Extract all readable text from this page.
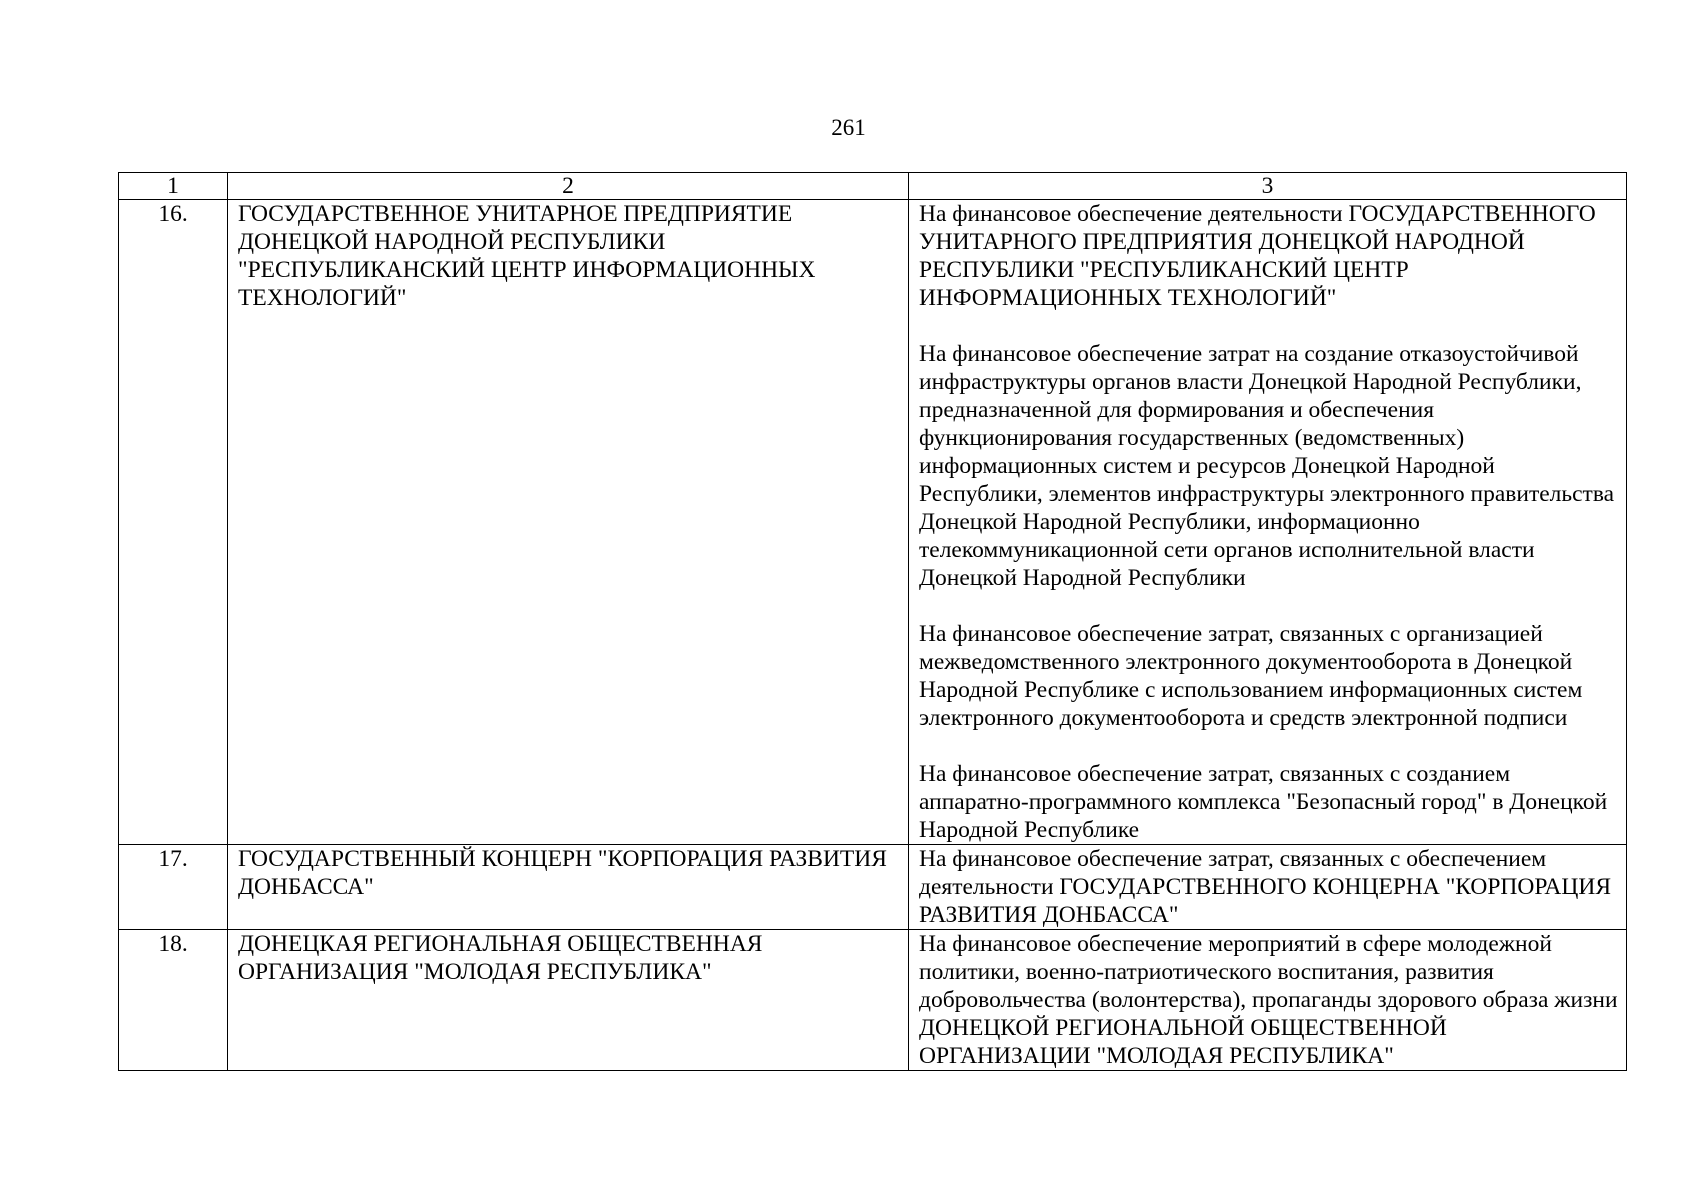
261
1	2	3
16.	ГОСУДАРСТВЕННОЕ УНИТАРНОЕ ПРЕДПРИЯТИЕ ДОНЕЦКОЙ НАРОДНОЙ РЕСПУБЛИКИ "РЕСПУБЛИКАНСКИЙ ЦЕНТР ИНФОРМАЦИОННЫХ ТЕХНОЛОГИЙ"	На финансовое обеспечение деятельности ГОСУДАРСТВЕННОГО УНИТАРНОГО ПРЕДПРИЯТИЯ ДОНЕЦКОЙ НАРОДНОЙ РЕСПУБЛИКИ "РЕСПУБЛИКАНСКИЙ ЦЕНТР ИНФОРМАЦИОННЫХ ТЕХНОЛОГИЙ"
На финансовое обеспечение затрат на создание отказоустойчивой инфраструктуры органов власти Донецкой Народной Республики, предназначенной для формирования и обеспечения функционирования государственных (ведомственных) информационных систем и ресурсов Донецкой Народной Республики, элементов инфраструктуры электронного правительства Донецкой Народной Республики, информационно телекоммуникационной сети органов исполнительной власти Донецкой Народной Республики
На финансовое обеспечение затрат, связанных с организацией межведомственного электронного документооборота в Донецкой Народной Республике с использованием информационных систем электронного документооборота и средств электронной подписи
На финансовое обеспечение затрат, связанных с созданием аппаратно-программного комплекса "Безопасный город" в Донецкой Народной Республике

17.	ГОСУДАРСТВЕННЫЙ КОНЦЕРН "КОРПОРАЦИЯ РАЗВИТИЯ ДОНБАССА"	На финансовое обеспечение затрат, связанных с обеспечением деятельности ГОСУДАРСТВЕННОГО КОНЦЕРНА "КОРПОРАЦИЯ РАЗВИТИЯ ДОНБАССА"

18.	ДОНЕЦКАЯ РЕГИОНАЛЬНАЯ ОБЩЕСТВЕННАЯ ОРГАНИЗАЦИЯ "МОЛОДАЯ РЕСПУБЛИКА"	На финансовое обеспечение мероприятий в сфере молодежной политики, военно-патриотического воспитания, развития добровольчества (волонтерства), пропаганды здорового образа жизни ДОНЕЦКОЙ РЕГИОНАЛЬНОЙ ОБЩЕСТВЕННОЙ ОРГАНИЗАЦИИ "МОЛОДАЯ РЕСПУБЛИКА"
